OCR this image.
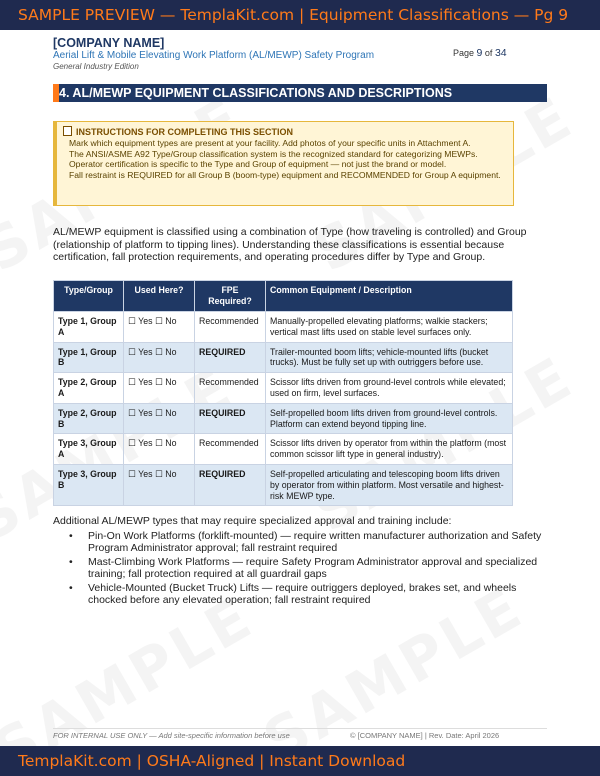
SAMPLE PREVIEW — TemplaKit.com | Equipment Classifications — Pg 9
[COMPANY NAME]
Aerial Lift & Mobile Elevating Work Platform (AL/MEWP) Safety Program
General Industry Edition
Page 9 of 34
4. AL/MEWP EQUIPMENT CLASSIFICATIONS AND DESCRIPTIONS
INSTRUCTIONS FOR COMPLETING THIS SECTION

Mark which equipment types are present at your facility. Add photos of your specific units in Attachment A.

The ANSI/ASME A92 Type/Group classification system is the recognized standard for categorizing MEWPs.

Operator certification is specific to the Type and Group of equipment — not just the brand or model.

Fall restraint is REQUIRED for all Group B (boom-type) equipment and RECOMMENDED for Group A equipment.

AL/MEWP equipment is classified using a combination of Type (how traveling is controlled) and Group (relationship of platform to tipping lines). Understanding these classifications is essential because certification, fall protection requirements, and operating procedures differ by Type and Group.
Type/Group	Used Here?	FPE Required?	Common Equipment / Description
Type 1, Group A	☐ Yes ☐ No	Recommended	Manually-propelled elevating platforms; walkie stackers; vertical mast lifts used on stable level surfaces only.
Type 1, Group B	☐ Yes ☐ No	REQUIRED	Trailer-mounted boom lifts; vehicle-mounted lifts (bucket trucks). Must be fully set up with outriggers before use.
Type 2, Group A	☐ Yes ☐ No	Recommended	Scissor lifts driven from ground-level controls while elevated; used on firm, level surfaces.
Type 2, Group B	☐ Yes ☐ No	REQUIRED	Self-propelled boom lifts driven from ground-level controls. Platform can extend beyond tipping line.
Type 3, Group A	☐ Yes ☐ No	Recommended	Scissor lifts driven by operator from within the platform (most common scissor lift type in general industry).
Type 3, Group B	☐ Yes ☐ No	REQUIRED	Self-propelled articulating and telescoping boom lifts driven by operator from within platform. Most versatile and highest-risk MEWP type.
Additional AL/MEWP types that may require specialized approval and training include:
• Pin-On Work Platforms (forklift-mounted) — require written manufacturer authorization and Safety Program Administrator approval; fall restraint required
• Mast-Climbing Work Platforms — require Safety Program Administrator approval and specialized training; fall protection required at all guardrail gaps
• Vehicle-Mounted (Bucket Truck) Lifts — require outriggers deployed, brakes set, and wheels chocked before any elevated operation; fall restraint required
FOR INTERNAL USE ONLY — Add site-specific information before use	© [COMPANY NAME] | Rev. Date: April 2026
TemplaKit.com | OSHA-Aligned | Instant Download
